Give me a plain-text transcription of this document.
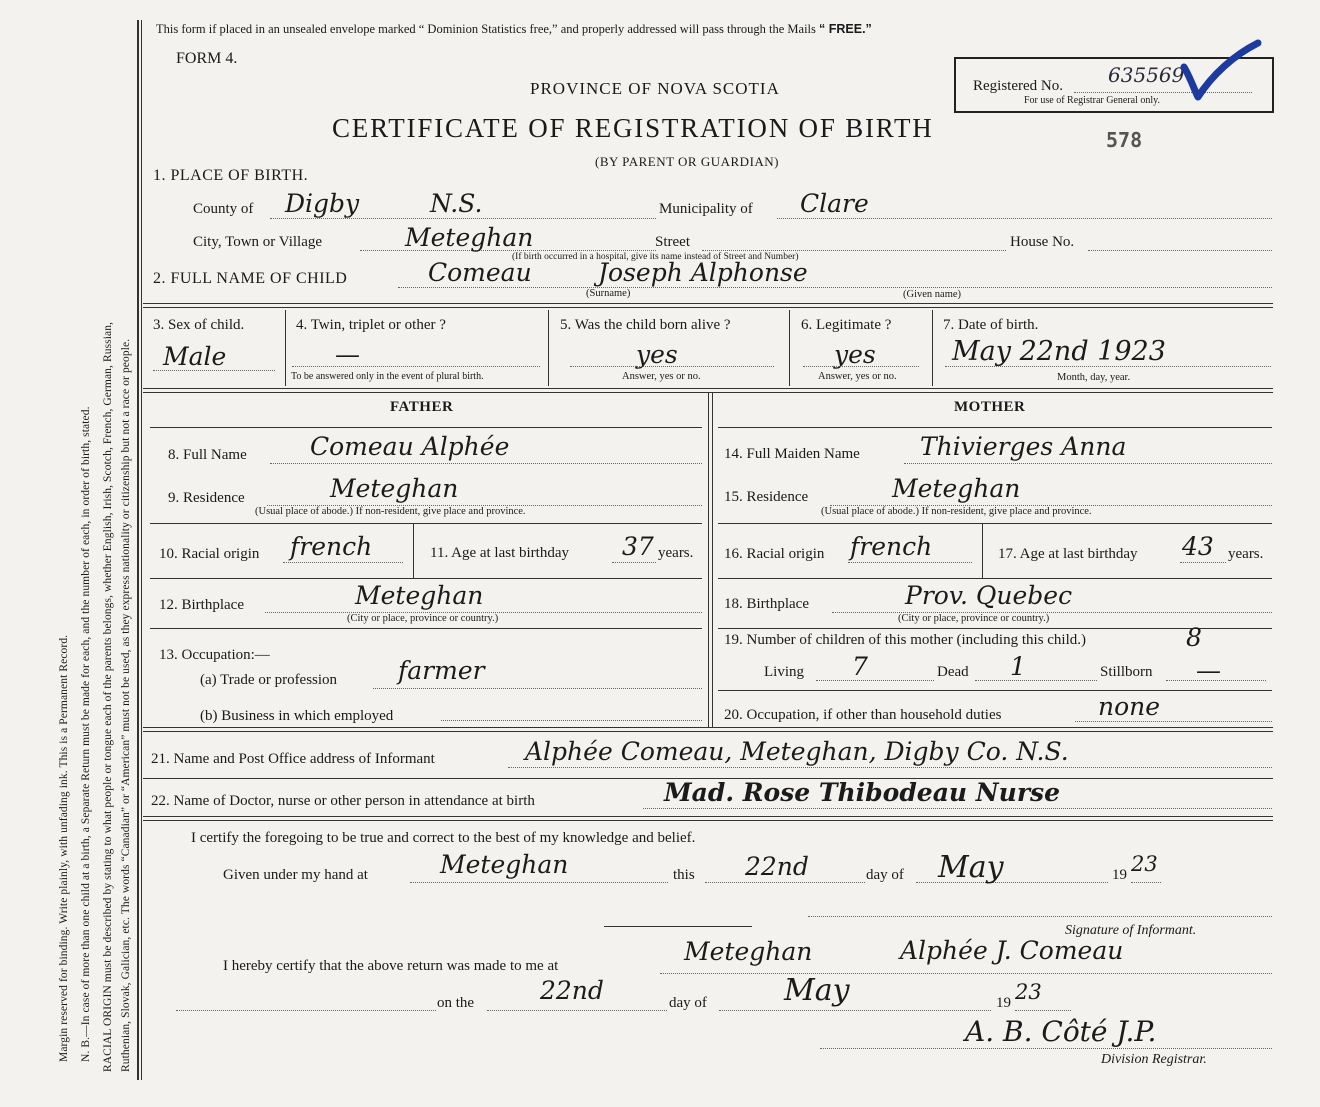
Margin reserved for binding. Write plainly, with unfading ink. This is a Permanent Record. N. B.—In case of more than one child at a birth, a Separate Return must be made for each, and the number of each, in order of birth, stated. RACIAL ORIGIN must be described by stating to what people or tongue each of the parents belongs, whether English, Irish, Scotch, French, German, Russian, Ruthenian, Slovak, Galician, etc. The words “Canadian” or “American” must not be used, as they express nationality or citizenship but not a race or people.
This form if placed in an unsealed envelope marked “ Dominion Statistics free,” and properly addressed will pass through the Mails “ FREE.”
FORM 4.
PROVINCE OF NOVA SCOTIA
CERTIFICATE OF REGISTRATION OF BIRTH	578
(BY PARENT OR GUARDIAN)
Registered No. 635569
For use of Registrar General only.
1. PLACE OF BIRTH.
County of Digby	N.S.	Municipality of Clare
City, Town or Village	Meteghan	Street	House No.
(If birth occurred in a hospital, give its name instead of Street and Number)
2. FULL NAME OF CHILD	Comeau	Joseph Alphonse
(Surname)	(Given name)
3. Sex of child.
Male
4. Twin, triplet or other ?
—
To be answered only in the event of plural birth.
5. Was the child born alive ?
yes
Answer, yes or no.
6. Legitimate ?
yes
Answer, yes or no.
7. Date of birth.
May 22nd 1923
Month, day, year.
FATHER	MOTHER
8. Full Name	Comeau Alphée
9. Residence	Meteghan
(Usual place of abode.) If non-resident, give place and province.
10. Racial origin french	11. Age at last birthday 37 years.
12. Birthplace	Meteghan
(City or place, province or country.)
13. Occupation:—
(a) Trade or profession farmer
(b) Business in which employed
14. Full Maiden Name Thivierges Anna
15. Residence	Meteghan
(Usual place of abode.) If non-resident, give place and province.
16. Racial origin french	17. Age at last birthday 43 years.
18. Birthplace	Prov. Quebec
(City or place, province or country.)
19. Number of children of this mother (including this child.)	8
Living 7	Dead 1	Stillborn —
20. Occupation, if other than household duties	none
21. Name and Post Office address of Informant	Alphée Comeau, Meteghan, Digby Co. N.S.
22. Name of Doctor, nurse or other person in attendance at birth	Mad. Rose Thibodeau Nurse
I certify the foregoing to be true and correct to the best of my knowledge and belief.
Given under my hand at	Meteghan	this 22nd	day of May	19 23
Signature of Informant.
I hereby certify that the above return was made to me at	Meteghan	Alphée J. Comeau
on the	22nd	day of	May	19 23
A. B. Côté J.P.
Division Registrar.
